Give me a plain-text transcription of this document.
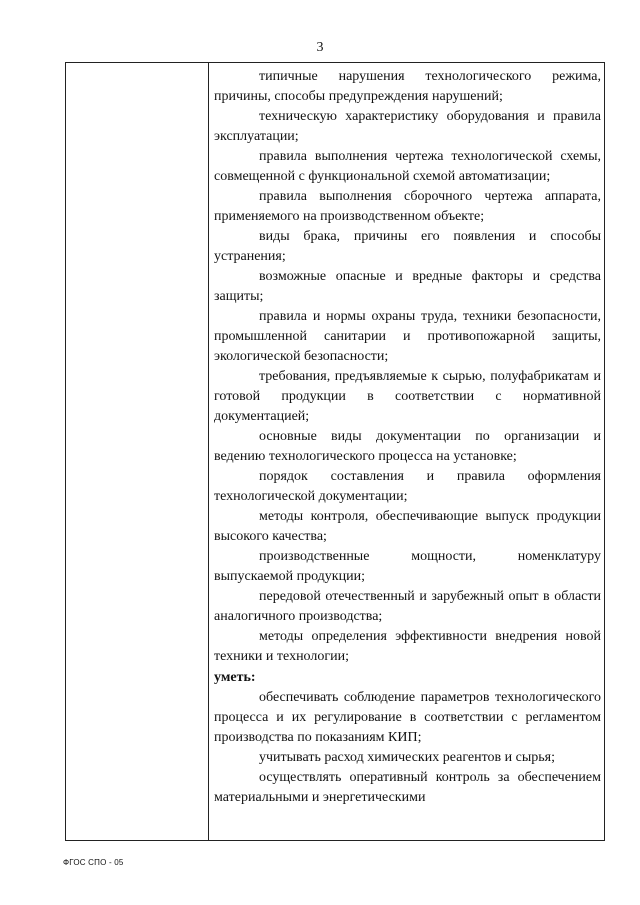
3

типичные нарушения технологического режима, причины, способы предупреждения нарушений;

техническую характеристику оборудования и правила эксплуатации;

правила выполнения чертежа технологической схемы, совмещенной с функциональной схемой автоматизации;

правила выполнения сборочного чертежа аппарата, применяемого на производственном объекте;

виды брака, причины его появления и способы устранения;

возможные опасные и вредные факторы и средства защиты;

правила и нормы охраны труда, техники безопасности, промышленной санитарии и противопожарной защиты, экологической безопасности;

требования, предъявляемые к сырью, полуфабрикатам и готовой продукции в соответствии с нормативной документацией;

основные виды документации по организации и ведению технологического процесса на установке;

порядок составления и правила оформления технологической документации;

методы контроля, обеспечивающие выпуск продукции высокого качества;

производственные мощности, номенклатуру выпускаемой продукции;

передовой отечественный и зарубежный опыт в области аналогичного производства;

методы определения эффективности внедрения новой техники и технологии;

уметь:

обеспечивать соблюдение параметров технологического процесса и их регулирование в соответствии с регламентом производства по показаниям КИП;

учитывать расход химических реагентов и сырья;

осуществлять оперативный контроль за обеспечением материальными и энергетическими

ФГОС СПО - 05
